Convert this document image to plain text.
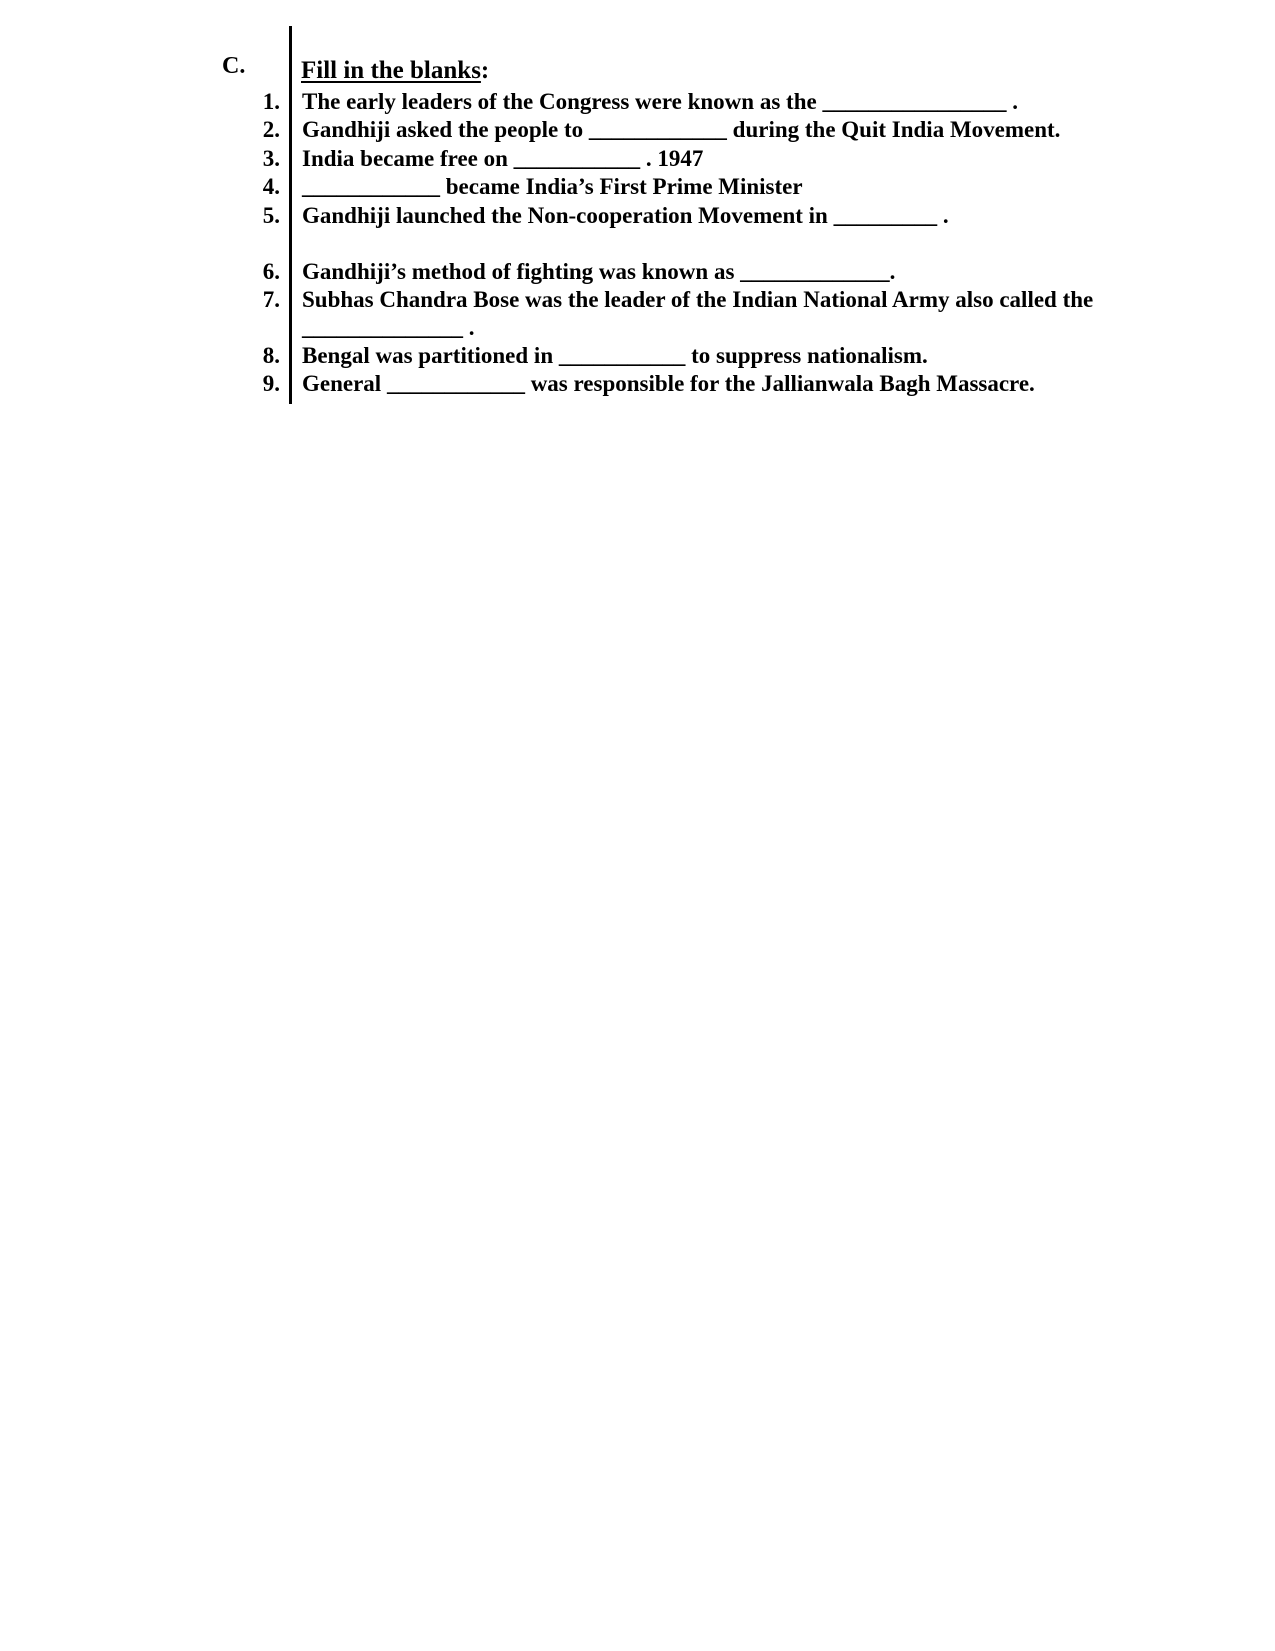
C. Fill in the blanks:
1. The early leaders of the Congress were known as the ________________ .
2. Gandhiji asked the people to ____________ during the Quit India Movement.
3. India became free on ___________ . 1947
4. ____________ became India’s First Prime Minister
5. Gandhiji launched the Non-cooperation Movement in _________ .
6. Gandhiji’s method of fighting was known as _____________.
7. Subhas Chandra Bose was the leader of the Indian National Army also called the
______________ .
8. Bengal was partitioned in ___________ to suppress nationalism.
9. General ____________ was responsible for the Jallianwala Bagh Massacre.
